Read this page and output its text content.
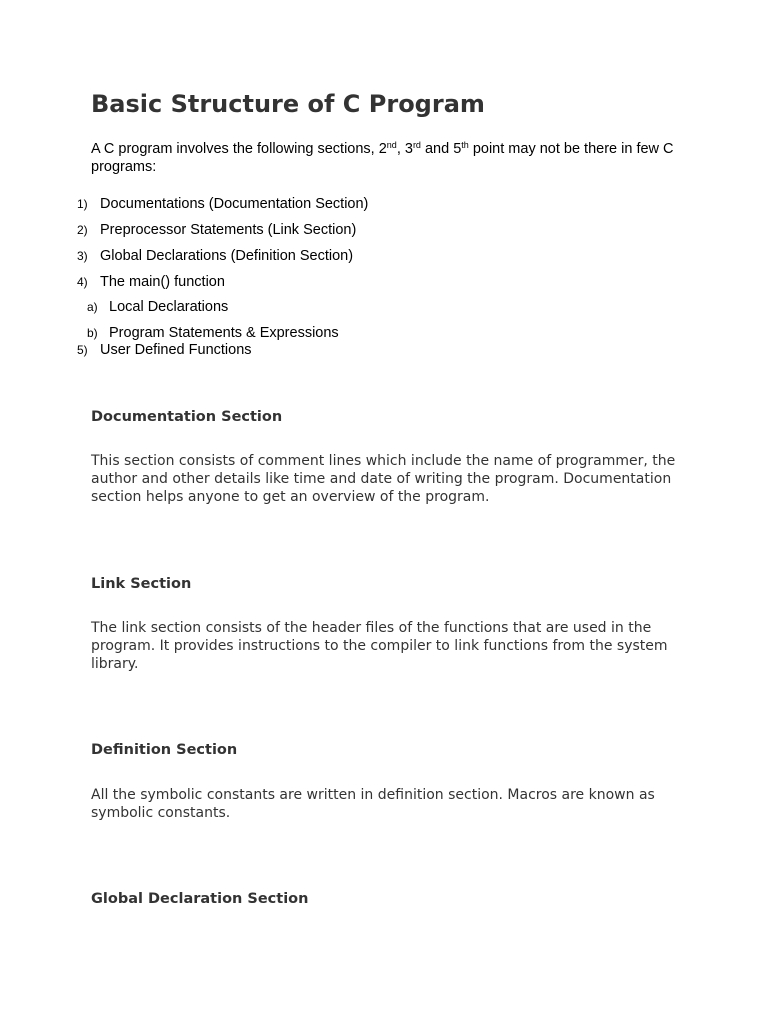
Basic Structure of C Program

A C program involves the following sections, 2nd, 3rd and 5th point may not be there in few C programs:

1) Documentations (Documentation Section)
2) Preprocessor Statements (Link Section)
3) Global Declarations (Definition Section)
4) The main() function
a) Local Declarations
b) Program Statements & Expressions
5) User Defined Functions
Documentation Section

This section consists of comment lines which include the name of programmer, the author and other details like time and date of writing the program. Documentation section helps anyone to get an overview of the program.

Link Section

The link section consists of the header files of the functions that are used in the program. It provides instructions to the compiler to link functions from the system library.

Definition Section

All the symbolic constants are written in definition section. Macros are known as symbolic constants.

Global Declaration Section
